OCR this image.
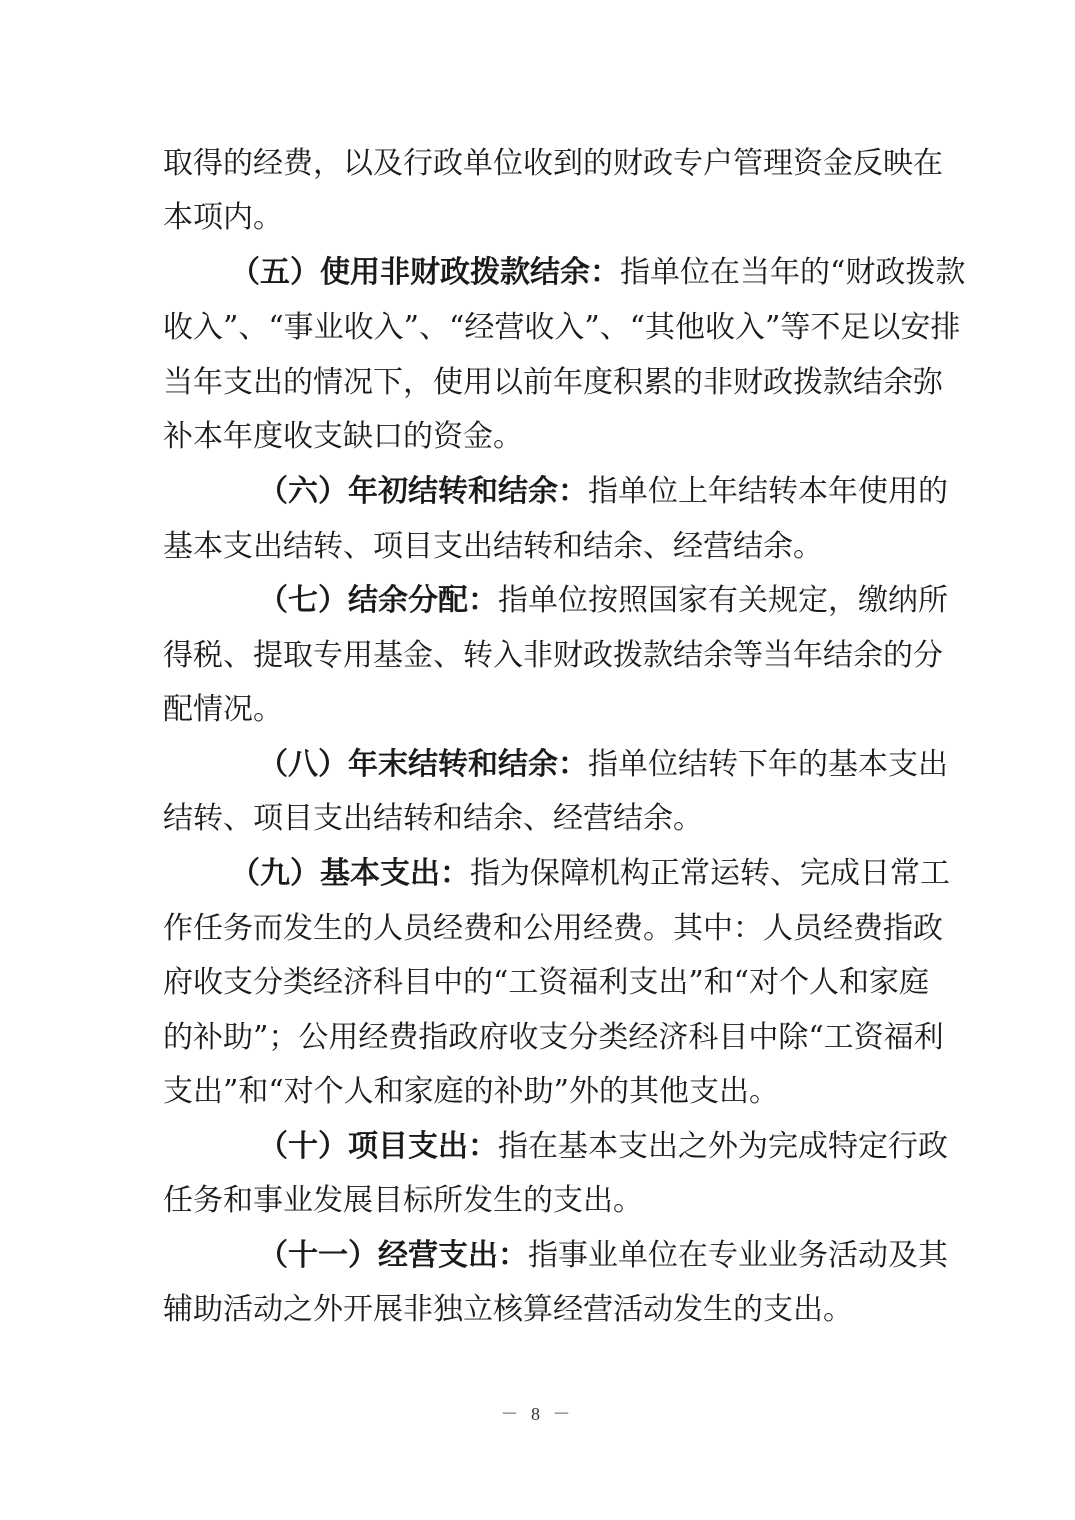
取得的经费，以及行政单位收到的财政专户管理资金反映在
本项内。
（五）使用非财政拨款结余：指单位在当年的“财政拨款
收入”、“事业收入”、“经营收入”、“其他收入”等不足以安排
当年支出的情况下，使用以前年度积累的非财政拨款结余弥
补本年度收支缺口的资金。
（六）年初结转和结余：指单位上年结转本年使用的
基本支出结转、项目支出结转和结余、经营结余。
（七）结余分配：指单位按照国家有关规定，缴纳所
得税、提取专用基金、转入非财政拨款结余等当年结余的分
配情况。
（八）年末结转和结余：指单位结转下年的基本支出
结转、项目支出结转和结余、经营结余。
（九）基本支出：指为保障机构正常运转、完成日常工
作任务而发生的人员经费和公用经费。其中：人员经费指政
府收支分类经济科目中的“工资福利支出”和“对个人和家庭
的补助”；公用经费指政府收支分类经济科目中除“工资福利
支出”和“对个人和家庭的补助”外的其他支出。
（十）项目支出：指在基本支出之外为完成特定行政
任务和事业发展目标所发生的支出。
（十一）经营支出：指事业单位在专业业务活动及其
辅助活动之外开展非独立核算经营活动发生的支出。
－ 8 －
